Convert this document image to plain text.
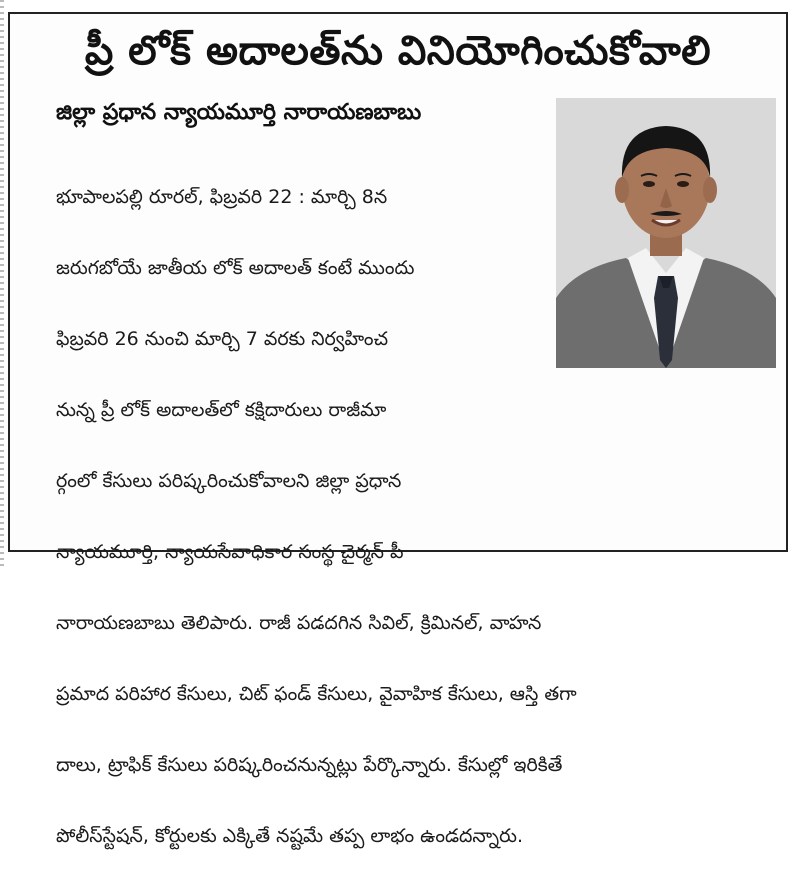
ప్రీ లోక్ అదాలత్‌ను వినియోగించుకోవాలి
జిల్లా ప్రధాన న్యాయమూర్తి నారాయణబాబు

భూపాలపల్లి రూరల్, ఫిబ్రవరి 22 : మార్చి 8న

జరుగబోయే జాతీయ లోక్ అదాలత్ కంటే ముందు

ఫిబ్రవరి 26 నుంచి మార్చి 7 వరకు నిర్వహించ

నున్న ప్రీ లోక్ అదాలత్‌లో కక్షిదారులు రాజీమా

ర్గంలో కేసులు పరిష్కరించుకోవాలని జిల్లా ప్రధాన

న్యాయమూర్తి, న్యాయసేవాధికార సంస్థ చైర్మన్ పీ

నారాయణబాబు తెలిపారు. రాజీ పడదగిన సివిల్, క్రిమినల్, వాహన

ప్రమాద పరిహార కేసులు, చిట్ ఫండ్ కేసులు, వైవాహిక కేసులు, ఆస్తి తగా

దాలు, ట్రాఫిక్ కేసులు పరిష్కరించనున్నట్లు పేర్కొన్నారు. కేసుల్లో ఇరికితే

పోలీస్‌స్టేషన్, కోర్టులకు ఎక్కితే నష్టమే తప్ప లాభం ఉండదన్నారు.
